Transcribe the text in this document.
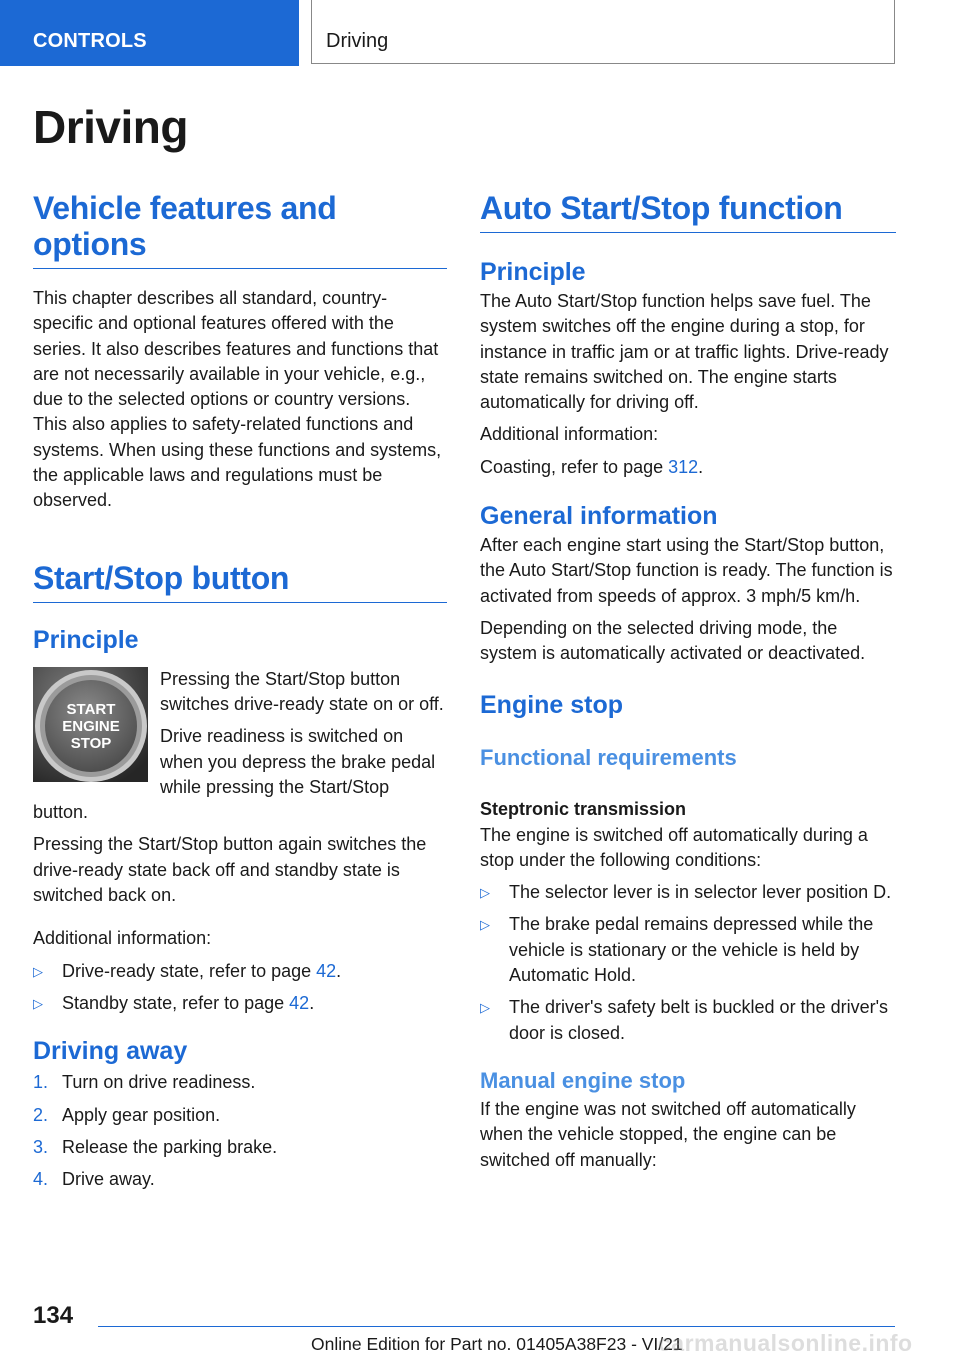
CONTROLS	Driving
Driving
Vehicle features and
options

This chapter describes all standard, country-specific and optional features offered with the series. It also describes features and functions that are not necessarily available in your vehicle, e.g., due to the selected options or country versions. This also applies to safety-related functions and systems. When using these functions and systems, the applicable laws and regulations must be observed.

Start/Stop button
Principle
START
ENGINE
STOP

Pressing the Start/Stop button switches drive-ready state on or off.

Drive readiness is switched on when you depress the brake pedal while pressing the Start/Stop button.

Pressing the Start/Stop button again switches the drive-ready state back off and standby state is switched back on.

Additional information:

▷ Drive-ready state, refer to page 42.
▷ Standby state, refer to page 42.
Driving away
1. Turn on drive readiness.
2. Apply gear position.
3. Release the parking brake.
4. Drive away.
Auto Start/Stop function
Principle

The Auto Start/Stop function helps save fuel. The system switches off the engine during a stop, for instance in traffic jam or at traffic lights. Drive-ready state remains switched on. The engine starts automatically for driving off.

Additional information:

Coasting, refer to page 312.

General information

After each engine start using the Start/Stop button, the Auto Start/Stop function is ready. The function is activated from speeds of approx. 3 mph/5 km/h.

Depending on the selected driving mode, the system is automatically activated or deactivated.

Engine stop
Functional requirements
Steptronic transmission

The engine is switched off automatically during a stop under the following conditions:

▷ The selector lever is in selector lever position D.
▷ The brake pedal remains depressed while the vehicle is stationary or the vehicle is held by Automatic Hold.
▷ The driver's safety belt is buckled or the driver's door is closed.
Manual engine stop

If the engine was not switched off automatically when the vehicle stopped, the engine can be switched off manually:

134
Online Edition for Part no. 01405A38F23 - VI/21
carmanualsonline.info
